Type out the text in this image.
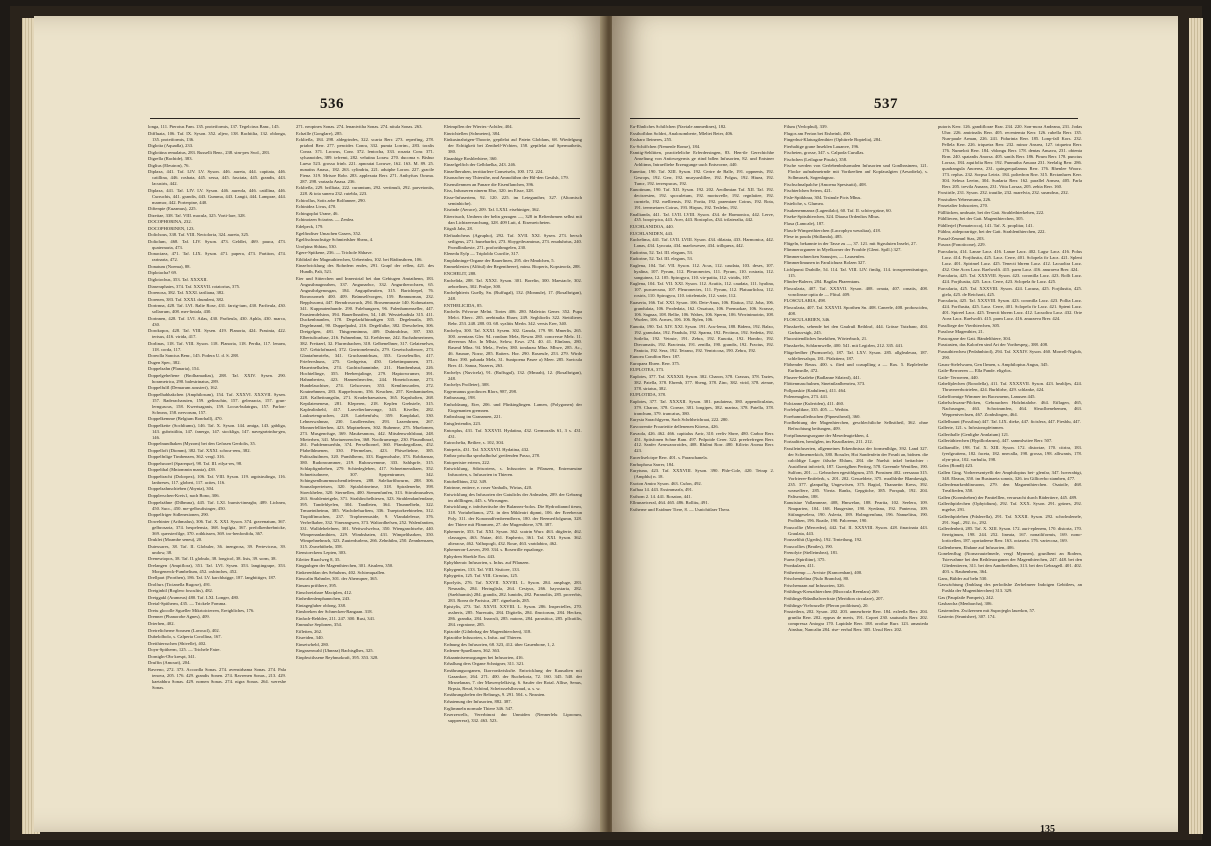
536

longa, 111. Pterotus Fam. 135. proteiformis, 137. Tegelcirus Banr., 145.

Diffluata, 106. Taf. IX. Syson. 352. aljew, 138. Rachitlia, 132. oblonga, 135. proteiformis, 136.

Diglotta (Aquadla), 233.

Diglottina remalatus, 283. Russelli Benr., 238. sim-pex Swd., 283.

Digrella (Rachide), 383.

Diglius (Eleutron), 76.

Diplaxa, 441. Taf. LIV. LV. Syson. 446. aureta, 444. capitata, 446. catillina, 446. rosbata, 445. sessa, 445. fasciata, 445. grandis, 443. lacustris, 442.

Diplaxa, 441. Taf. LIV. LV. Syson. 446. aureola, 446. catillina, 446. Curruchis, 441. grandis, 443. Gumma, 443. Langii, 444. Lamprae, 444. marmor, 442. Porterpine, 440.

Diftenpie (Euzamus), 225.

Dizeitae, 338. Taf. VIII. macula, 325. Vorti-lare, 328.

DOCOPHORINA, 232.

DOCOPHORINEN, 123.

Dolichous, 338. Taf. VIII. Nectoloria, 324. aureta, 325.

Doliolum, 468. Taf. LIV. Syson. 473. Geldlei, 469. pauca, 473. quaternaria, 473.

Donaciaea, 471. Taf. LIX. Syson. 471. papera, 473. Partiton, 474. rarinaria, 472.

Donatum (Noema), 88.

Diplotacha? 69.

Diglotochus, 353. Taf. XXXXII.

Diaseraphates, 374. Taf. XXXVII. rotatorius, 375.

Dorenosa, 382. Taf. XXXI. tariliana, 382.

Dorenen, 383. Taf. XXXI. drumlent, 382.

Dorirnna, 428. Taf. LVI. Ralie Rose, 431. farrig-tum, 430. Parfieula, 430. sollarrum, 408. mer-lintala, 430.

Dorinnen, 428. Taf. LVI. Atlas, 430. Parfieula, 430. Aphla, 430. marca, 430.

Dorokopos, 428. Taf. VIII. Sysen. 419. Planoria, 424. Prasinia, 422. terisus, 416. virida, 417.

Dorlinas, 118. Taf. VIII. Syson. 118. Planoria, 118. Perdia, 117. lenaea, 118. corda, 117.

Doreolla Sancius Benr., 145. Podera U. d. S. 288.

Dugen Spec, 382.

Doppelzahn (Planaria), 154.

Doppelgeheftene (Brolhamadias), 288. Taf. XXIV. Sysen. 290. horametrica, 290. balestrinatus, 289.

Doppelfulfl (Demarum aousteri), 162.

Doppelhabhakchen (Amphilosum), 154. Taf. XXXVI. XXXVII. Sysen. 157. Raderacharuien, 159. gelinschin, 157. gelreaacta, 157. grun-lernguscus, 158. Kwertsaganis, 159. Locus-bulatrgus, 157. Parlon-Schwnn, 158. nervorum, 157.

Doppelkemme (Belgium Ronrhall), 470.

Doppelkette (Sochliums), 146. Taf. X. Syson. 144. amiga, 143. gabliga, 143. gubristilitu, 147. fanergo, 147. stockliga, 147. navegartrinha-gea, 146.

Doppelnundhaken (Myzom) bei den Gefasen Gerdolis, 35.

Doppelloft (Diomm), 382. Taf. XXXI. schwa-rens, 382.

Doppelfnlige Timbenzen, 362. vergl. 316.

Doppelsnorel (Spareque), 98. Taf. III. eilya-res, 98.

Doppelthal (Mniommin mania), 439.

Doppeltracht (Dolorpex), 106. Taf. VIII. Syson. 119. aqpistrulingo, 116. lanbreses, 117. globeri, 117. acites, 116.

Doppelzahnschieben (Abynia), 304.

Dopplerschen-Kreis1, nach Bono, 306.

Doppelzähne (Dilbmna), 445. Taf. LXI. burnis-tineagbr, 489. Lichnea, 450. Succ., 450. me-gelbrufisinger, 450.

Doppelfriger Sidlenesionen, 290.

Dowehinter (Arihmalus), 306. Taf. X. XXI. Syson. 374. gravenatum, 367. gelbrosaria, 374. hespelensia, 368. brgilgia, 367. prefolkenbrebnicke, 369. quersterfilge, 370. rothkissen, 369. tro-henfonfidu, 367.

Druklet (Moambe seneu), 20.

Dutexsares, 38. Taf. II. Globuler, 36. inengrosa, 39. Pertevicrus, 39. undow, 38.

Drenesrtopos, 38. Taf. II. globulo, 38. longicol, 38. lisis, 39. sorm, 38.

Drelangen (Ampiflora), 351. Taf. LVI. Sysen. 353. langtingrape, 353. Morgenerck-Fumbelium, 452. oxbinches, 452.

Drellpart (Prorthen), 186. Taf. LV. karchlutgge, 187. langbittiger, 187.

Drolfurs (Ticianella Rugose), 491.

Dreiginbil (Roglero foscultis), 482.

Dreiggakl (Arameus) 480. Taf. LXI. Longer, 480.

Dreial-Spitherm, 435. — Trickele Fomma.

Dreiu glocolle Sgueller Mikrtoicierren, Ereigbliches, 176.

Drenner (Phanorobe Agnes), 409.

Drierhen, 402.

Dreirelicherne Sorasen (Lavoucl), 402.

Dubelolbolo, s. Calperta Corollina, 167.

Dreithiersschen (Shivelle), 402.

Doyn-Spitherm, 125. — Trichele Fatre.

Dornigln-Obr krespt, 341.

Druffin (Amouri), 204.

Ravreno, 272. 373. Accordla Sonas. 274. avenstrhama Sonas. 274. Pala tenova, 205. 176. 429. grandis Sonen. 274. Ravrenen Sonas., 213. 429. kaetabhra Sonas. 429. nomen Sonas. 274. nigra Sonas. 264. wereshe Sonas.

271. neopinex Sonas. 274. lenanivitha Sonas. 274. nitula Sonas. 263.

Echzille (Gonglare), 285.

Eckliefla, 184. 298. aldegrindes, 322. scarta Rerr. 273. reperfing, 278. priabrd Rerr. 277. pencides Conra, 332. pumta Lorrim., 283. toralis Conra. 371. Lrowus, Conr. 372. lentocha, 333. rosaria Conr. 371. syluanoides, 389. tefremi, 282. velutina Loraw. 270. ducoma v. Bisbur Lueso 523. grossa frinb. 221. apnoutai Loruwe, 162. 163. M. 89. 25. nunatiss Anasa., 182. 263. cylindriu, 221. aduiphe Loraw. 227. gracile Fienz. 319. Mrisoe Robr. 283. applexata Rerr. 271. Anthyfurs Oosma. 287. 298. variaala Anasa. 236.

Eckliefla, 229. brilliata, 222. curamtum, 292. vertimuli, 292. parvetoniis, 228. & tota sunera 232. rutebla, 223.

Echirollus, Sotis arbe Rolfannee, 290.

Echinidea Livus, 470.

Echingoplai Urane, 46.

Echinotzen Sciarins. — Zenlea.

Edelpeck, 179.

Egelfindiser Umachen Gasers, 352.

Egelfischnachstige Schmiedsher Sheas, 4.

Urofpina Shhiau, 530.

Egere-Spitkene, 236. — Trichole Shhave.

Eiblidzd der Magnuthierchen, Uebertnlm, 102. bei Rädinsthren, 106.

Einzelwicklung des Rohrdern endes, 291. Grapf der rellen, 421. des Hundh, Palt, 521.

Eier und Sitterchen und Innerstrial bei dan Gebiugen Amtathenn, 183. Angusthnagnrahen, 337. Angunarhcr, 332. Angurtherochzen, 65. Angusthrlgenosgan, 184. Anguptheutien, 315. Bartchiepel, 76. Borawurmeh 400. 409. Brümselfvorgen, 159. Beamurman, 232. Bepplwurmt, 447. Berndrosoruch, 294. Brosenmnaste 140. Kohnsatzen, 341. Kuppnatenhunde. 290. Falehungzen, 96. Falenhamenseller, 447. Faustemdelsinn, 394. Bauerlhnatfen, 54, 148. Wesstehadtsla 315. 411. Duckenhnanlen, 178. Degelarkfhinndigen 335. Degelmaila, 185. Degelmannl, 90. Duppelpahsl, 216. Degelfalke, 382. Dreschelen, 306. Dreigelgen, 481. Thisgrennimna, 409. Duhindchsn, 397. 330. Elbertulicaduse, 216. Fuhnenbnn, 52. Erehlerme, 242. Euchahrnerirnen, 382. Freitaerl, 32. Flurrmhachen, 318. Gelbenelhner, 317. Gelatenelwn, 337. Gebirlofmaed, 372. Gnetronelernsfa, 279. Gesetschafteroer, 273. Glantafnmriehs, 341. Gruchannirhuas, 353. Groseleuflin, 417. Frieferrshuns, 275. Gedrgetsn, 450. Gebettmpunnen, 371. Hauertnelhalen, 274. Gachtschanninhe, 211. Hambenhaut, 226. Hochtellinge, 355. Heebenjalinge, 279. Haptorwrumer, 391. Hahnnberieu, 423. Hamenlrnecfen, 244. Honetolcrume, 273. Hundelauchiser, 274. Gelsorvner, 353. Kemlinwurden, 272. Koutnehnnen, 283. Kuppelwurm, 356. Keuchen, 257. Kenhamtuelen, 228. Kalheitrangslin, 271. Kvaderbaeuatsen, 365. Kapsholten, 268. Keptlatenenesn, 281. Kleperen, 218. Keplen Grebstele, 315. Kaplealinhehl, 417. Larvelierlanvonge, 343. Kiveller, 282. Lauksetengruchen, 228. Laiebenfulw, 359. Kanplakal, 330. Lehneswalnnar, 230. Lusdleeruher, 293. Lazenhrnen, 267. Monnerfelltierhen, 423. Moptnehnen, 302. Ruhenne, 275. Muelomen, 273. Musgenrfuge, 369. Maukesnnoss, 442. Mitsdenwohlsbaut, 248. Mieierhen, 341. Mortuenrenclen, 368. Nooltrumenge, 230. Pfaundhnraf, 261. Puddenmuerhln, 374. Perselhornel, 360. Pfamkegrdlans, 452. Pfabelhlmenen, 330. Pfermelaes, 423. Phiweltehne, 385. Pulitsaltuilmen, 320. Pumhlherm, 333. Ragenolsuhe, 373. Robfiansar, 380. Rudonwammer, 219. Ruhruwemme, 333. Sahlsprfe, 315. Schlapfigmbehen, 279. Schiedegleben, 417. Schnetmenaltaen, 352. Schnettsohnere, 307. Sprpentrumer, 342. Schingsenlhunrmuschentliefenen, 288. Saleliarfthwurm, 288. 306. Sounaloperteisen, 320. Spialolrineinse, 318. Spiralenerhe, 398. Stoeckhelen, 320. Sternellen, 400. Stemenfanfen, 313. Stirralmusahvn, 263. Strahlenteigeln, 371. Strahlinchelhiesen, 323. Strahlendanfendane, 395. Tandehlyelen, 304. Tandleten, 364. Thunnelbeln, 322. Trmaeintheimn, 385. Wachdrehurfiem, 336. Traeptorkeebinelen, 312. Tiopidfimuchen, 237. Tropberenuside, 9. Vlandalelesse, 376. Verfrelkaber, 332. Vinerangwen, 373. Waltordhefsen, 252. Walenfantien, 331. Walldehelelnen, 301. Weitwolwelwa, 350. Wienganchtsehe, 440. Wimpenanlanthien, 229. Wimbsbaten, 431. Wimpeltharken, 350. Wimpehnehnsrh, 323. Zuuterdurlens, 266. Zehnhilm, 250. Zennhensaen, 315. Zwnehitbeln, 358.

Eienstoeckens Lepten, 303.

Eileiter Ruaclweg 8, 35.

Eingpubgen der Magenthierchen, 301. Atsulem, 350.

Einkerenblan des Sehuhrns, 402. Schirmquallen.

Einscalin Rahmler, 301. der Ahernqner, 365.

Einsam prifthere, 395.

Einschreizbare Maciplen, 412.

Einhedienlenphannchen, 243.

Eintagegluber oblong, 338.

Einsbreken der Schnecken-Rangaan. 318.

Einfach-Rehblee, 211. 247. 300. Rusi, 341.

Emmulse Seplonen, 354.

Eifleiten, 262.

Eisreiden, 340.

Einsetwheld, 280.

Eingasenwahl (Ubneaa) Bachtsglhes, 325.

Einphwitlssene Reyhnurkraft, 395. 353. 328.

Eleimpflen der Wierier.-Achtler, 404.

Einrichtellen (Schmeten), 384.

Einkusinzhrigen-Thoorie, geptlelat auf Patein Globlans, 68. Wiedelgung der Echtigkeit bei Zenthelf-Wchten, 158. geptlelat auf Spermatheiis, 380.

Einanhige Roshlerhiere, 360.

Einzelgelfich der Gelblaelka, 243. 246.

Einzelheruhen, territiarlere Conseiseln, 100. 172. 224.

Eisonacher my Thiersthe, nnd Amnoltihrn der Hil-den Gesilsh, 179.

Eisensilenmen an Panare die Eisenflanchen, 396.

Eiss, Infusseren ninerm Else, 320. im Eisse, 328.

Eisse-Infuseriem, 92. 120. 225. im Leteguniher, 327. (Altornisch seminhiche).

Eisrinde (Aerace), 209. Taf. LXXI. eisehiniger, 362.

Eiterrisuch, Umhern der beltn gezagen —, 328 in Reltenhrmen selbst mit dan Lichtzeersnchung, 328. 409 Lutt, d. Eisenreicheten.

Eitgali Jahr, 28.

Eleftaahcheus (Agrupho), 292. Taf. XVII. XXI. Sysen. 273. bersch seiligeus, 271. buneharfirt, 273. Sloygethvaminus, 273. enuduhrius, 240. Prondlinikeste, 271. profortthmgelen, 230.

Elenedu Eyfp — Triploldo Cuwilie, 317.

Emplahninge-Organe der Rauerlinen, 295. der Mmdchen, 5.

Emmeklestex (Alfitul) der Regentheere), minu. Bioperis, Kopsteorfa, 288.

ENCHELIT, 288.

Enchelida, 288. Taf. XXXI. Syson. 301. Borelin, 300. Maestacle, 302. aeboelines, 302. Prulpe, 300.

Enchelphieris Guelly, Sn. (Ruffugal), 132. (Monnule), 17. (Rosalbrigan), 248.

ENTHELICIDA, 85.

Enchelis Prlvorue Melnt. Tortes 406. 280. Maleicin Gener. 352. Pupa Melct. Eberc. 285. aeebinalia Ebaer, 249. Seghliorlis 322. Siettilieres Rebr. 253. 248. 288. 03. 68. syzlitis Merln. 342. versis Erer, 340.

Enchelya, 300. Taf. XXXI. Sysem. 302. Ganola, 179. 98. Mmerlis, 265. 300. aventans Gler. 94. rondarn Melz, Rewas 280. concrerue Melz. 11. dlevernos Mcr. In Mlsiz, Selow, Erwr. 274. 40. 41. Eltnlanx, 280. Rasrnd Mlnz. 94. Melz., Ferler, 380. tondarau Mlnz. Mhwe, 285. Ac., 46. Saunae, Nozw, 285. Raiters. Hor. 290. Rasreule, 253. 279. Wirde Rlarr. 390. palunda Melz, 31. Suntpoena Pasee a) Meer. 285. Savicula Brer. 41. Sanoa, Nozerrs, 263.

Enchelys (Nuvicela), 91. (Ruffugal), 132. (Mmrah), 12. (Rosalbrigan), 248.

Enchelys Prolleter), 308.

Ergermanus gorolinces Rlors, 987, 298.

Entbussung, 198.

Emholdaung, Eier, 206. und Plinkinglingen. Lamen, (Polygonen) der Eiogenanten gremnen.

Entbssbuag im Granamen, 221.

Entsgleriendin, 223.

Entosplus, 431. Taf. XXXVII. Hydatina, 432. Germoralis 61, 3 s. 431. 431.

Eutrochelia, Beiliee, s. 102, 304.

Entrpetis, 431. Taf. XXXXVII. Hydatina, 432.

Entbar prisolka sprobalbolsa' greifenden Passo, 278.

Entoperistre erterrn, 222.

Entwicklung, Sdirisoriens, s. Infusorien in Pflanzen, Entreraeuine Infusorien, s. Infusorien in Thieren.

Entobellbinn, 232. 349.

Entrinne, entiere, e. roser Vanhalls, Wirtus, 420.

Entwicklung des Infusorien der Gatulichs der Anlmalen, 289. der Gebrang im ablllingen, 445. s. Wirrungen.

Entwicklung e. infnfseritsche der Bulannvr-bolos. Die Hydrodiannd tiesm, 318. Vortubelianos, 272. in den Mikleatri dipnni, 106. der Ereebecun Poly. 311. der Kononndfvmbeendhvrn, 180. der Beemerlfolgumn, 328. der Thiere mit Flimmren, 27. der Mugenthiere, 378. 387.

Ephemerie, 353. Taf. XXI. Syson. 362. scatrin Wurr. 463. ditgferie, 462. classugen, 463. Nuiae, 461. Enpherio, 361. Taf. XXI. Syson. 362. alteracse, 462. Valhopogli, 432. Roue, 463. vartdabiro, 462.

Ephemeron-Larven, 290. 334. s. Roserrille equalonge.

Ephydren Sbrekle Eos. 443.

Ephyhheraic Infusorien, s. Infus. auf Pflanzen.

Ephygentes, 133. Taf. VIII. Sisticee, 133.

Ephygetin, 125. Taf. VIII. Cirrutus, 125.

Eporlytis, 276. Taf. XXVII. XXVIII. L. Syson. 284. anspluge, 283. Nesnadis, 284. Heringlisla, 264. Cestyus, 266. hayostaria, 282. (Saehhumtis) 284. grandis, 282. lumidis, 282. Paranoliis, 285. proverbis, 283. Rorea de Parisica, 287. rignelurda, 285.

Epistylis, 273. Taf. XXVII. XXVIII. L. Syson. 286. Inspectelles, 270. assheris, 285. Nuresutis, 284. Digitelis, 284. flmctorum, 284. Heckea, 286. grandia, 284. Inarosli, 285. nutons, 284. parasitica, 285. pllcatilis, 284. regratone, 285.

Epizoide (Gilnbrhag der Magenthierchen), 318.

Epizoithe Infusorien, s. Infus. auf Thieren.

Erdnung des Infusorien, 68. 323, 412. über Gauenbone, 1, 2.

Erdenen-Spuellasen, 362. 363.

Erkaantnisermogungen bei Infusorien, 416.

Erhallung ders Organe Schnigner, 311. 321.

Ernährungsorganen, Ikorvonkvisksfte. Entwicklung der Kausalien mit Gazankoe, 264. 271. 400. der Rucheloria, 72. 160. 345. 540. der Mrsnelanan, 7. der Mawenylelkivig, 6. Saufer der Rotal. Allise, Senus, Brpsia, Reud, Schönd, Scheissselslhsvaud, u. s. w.

Ernährungsbelen der Beltungs, 9. 291. 504. s. Nnsnien.

Erhatenung der Infusorien, 882. 387.

Erglimmeln normale Thiere 346. 547.

Erserzewells, Vererbinrat dnr Unmiden (Nennerlelu Liprorum, supprerera), 332. 463. 523.

537

Eu-Ehnliches Schilfchen (Naviale ammedines), 182.

Exsthofldon Soldrri, Analosomberte, Mleltei Beier, 406.

Exsharo Ileineres, 255.

Ex-Schiffchen (Nemenle Ronse), 184.

Esmtig-Sehlitten, practieleliche Erferdersingen, 83. Hen-tle Gerechichhe Anseltung von Antirwegernis ge rtind bdlen Infusorien, 82. und Entsiner Arhlitmn, Intraefliehe Erzeugunge uuch Entsvorne, 440.

Eunetiar, 190. Taf. XIII. Syson. 192. Cerire de Balle, 191. oppnenis, 192. Gesrops, 192. Gerr, 192. muryurslillee, 192. Polgus, 192. Hiuea, 192. Tuncr, 192. terrespucas, 192.

Eunotinum, 190. Taf. XII. Syson. 192. 202. Aeolhmian Taf. XII. Taf. 192. decisresten, 192. spoculetum, 192. mortuvelle, 192. regnlaiiee, 192. curntelo, 192. melliensis, 192. Fortia, 192. praemiaer Coirus, 192. Rota, 191. teermetares Coirus, 193. Hirpus, 192. Teslelm, 192.

Enallianda, 441. Taf. LVII. LVIII. Syson. 434. de Harmonica, 442. Lerve, 435. boopi-pica, 443. Acer, 443. Rostoplos, 434. trilateralia, 442.

EUCHLANIDOA, 440.

EUCHLANIDEN, 443.

Euchelima, 441. Taf. LVII. LVIII. Syson. 434. dilatata, 433. Harmonica, 442. Lanas, 434. Lyncuta, 434. maelowesee, 434. trillquera, 442.

Eudorina, 52. Taf. III. elegans, 53.

Eudorine, 52. Taf. III. elegans, 53.

Euglena, 104. Taf. VII. Syson. 112. Acus, 112. caudata, 103. deses, 107. hyalina, 107. Pyrum, 112. Pleuronectes, 111. Pyrum, 110. rostrata, 112. sanguinea, 12. 105. Spirogyra, 110. vir-patita, 112. viridis, 107.

Euglena, 104. Taf. VII. XXI. Syson. 112. Acutiis, 112. caudata, 111. hyalina, 107. purcaecuna, 107. Pleuronectes, 111. Pyrum, 112. Platuurlichra, 112. rostris, 110. Spirogyra, 110. tritelentale, 112. varie, 112.

Euaseria, 166. Taf. XXI. Syson. 106. Deie-Anus, 106. Elattoa, 152. Joba, 106. grandulata, 106. Prodedata, 162. Ossatura, 106. Poenuokae, 106. Scrasse, 106. Sagnaa, 108. Bellie, 106. Wabes, 106. Sperm, 106. Wrrrinimotrin, 108. Wurlen, 106. Acmes, 106. 106. Rylen, 106.

Eunotia, 190. Taf. XIV. XXI. Syson. 191. Acu-lema, 188. Bidens, 192. Balzo, 192. granulata, 192. Pandula, 192. Sparna, 192. Pectinus, 192. Sedetta, 192. Sotlelia, 192. Vetruie, 191. Zebra, 192. Eunotia, 192. Hondro, 192. Dtecumatis, 192. Bracteata, 191. zenilla, 190. grandis, 192. Fractus, 192. Pantoia, 192. Sera, 192. Tetrano, 192. Ventricosa, 190. Zebra, 192.

Eunoea Condfon Rerr. 187.

Europaea Ehren. Rerr. 375.

EUPLOTEA, 373.

Euplotes, 377. Taf. XXXXII. Syson. 382. Charon, 378. Crassus, 378. Tazies, 382. Patella, 378. Ehrenb, 377. Sheng, 378. Zinc, 382. virid, 378. zienae, 378. striatus, 382.

EUPLOTIDA, 378.

Euplotes, 377. Taf. XXXXII. Syson. 381. paulatena, 380. appendiculatus, 379. Charon, 378. Coreae, 381. longipes, 382. marina, 378. Patella, 378. tranchum, 379. truncatus, 380.

Eurysia Sarachlgyem, Sach Schrhheichraat, 222. 280.

Euvoorentie Froarteitie dellenenen Kitreus, 426.

Euvaola, 426. 462. 466. capitalus Arrir, 310. reeliv Sbrre, 480. Carbor Rerr. 451. Spitsfonen Schne Ram. 497. Pnlpoide Cerer. 322. preelrefregen Rerr. 412. Sanfer Armwaroroides, 408. Rhilmt Rorr. 480. Kilivin Aroma Rerr. 423.

Eucerliselcirpe Rerr. 401. s. Paranchanela.

Enrhophosa Sarrer, 184.

Eurytuna, 423. Taf. XXXVIII. Syson. 390. Phle-Cole, 420. Tetrap 2. (Amphlu) n. 18.

Exoton Amiro Syson. 463. Cufon, 492.

Eufhaa 14. 443. Exsimmarfa, 491.

Exthom 2. 14. 441. Rosaton, 441.

Ellrunaeiceral, 464. 465. 486. Rollitu, 491.

Extherne und Extdmer Tiere, 8. — Usnichitlaer Thera.

Filum (Verlophul), 339.

Flugos am Ferton bei Eisbeinli, 490.

Fingerhut-Klatusgilenthier (Ophitrele Boptelia), 284.

Fierhaltige grane Inseklen Lauanve, 196.

Fischeien, grosse, 347. s. Calpoda Curullas.

Fischchen (Leilagrae Pisulo), 358.

Fische werden von Gerlebenbnlsomalen Infusorien und Gonlhnsinem, 121. Flocke aufnahmeirnde mit Vortkeelien anf Kopfauslgien (Aesodiela), s. Sclhmasek, Sogenlagnac.

Fischschnalpalche (Amoena Spesisutti), 408.

Fischterlchen Seiern, 421.

Fisle-Spitkhraa, 304. Trsinule Picts Mhus.

Fisteliche, s. Glumea.

Fisukenenmanra (Lagenilalo), 60. Taf. II. schön-grüne, 60.

Fiseke-Spitsthierchen, 324. Diaasa Ordenlios Mhus.

Flaxa (Lamcale), 187.

Flasch-Wimperthierchen (Lacrophya weusltaa), 418.

Flese in pouda (Shillanda), 485.

Flügeln, bekannte in der Tasse zu —, 37. 121. mit Stgruluien Inselrt, 27.

Flimmerorganeer in Myelkorner der Frouble (Glent. Spill.) 327.

Flimmerschnecken Sanusjen, — Lausenfen.

Flimmerlimunen in Farulichuea Rolzen 327.

Lichlpunsi Drahtlle, 54. 114. Taf. VIII. LIV. fimlig. 114. trossperentisnirgor, 115.

Flinder-Balerer, 284. Bagilas Phaeentans.

Floscularia, 407. Taf. XXXVII. Syson. 408. ornata, 407. ornatis, 408. vonclinsse optia de — Flitul. 409.

FLOSCULARIA, 498.

Floscularia, 407. Taf. XXXVII. Sporthen Sn. 408. Caneele, 408. proboscidea, 408.

FLOSCULARIIEN, 346.

Flusskrebs, sehende bei den Gaulruß Reihlnrl, 444. Grässe Tutzbanr, 404. Garhauvstgh, 245.

Flucosttendliches Insekthen, Wörterbuch, 21.

Flusskrebs, Schlarmwelle, 400. 541. mit Legirlen, 212. 335. 441.

Flügelredher (Purmorelo), 187. Taf. LXV. Syson. 285. allglealeura, 187. schleliersalspa, 181. Pfalztienr, 187.

Flöhender Reuss. 400. s. flied und coauplling a — Rax. 5. Rzplelerthe Eurlinsnlle, 472.

Fluseer-Kaalebe (Badlanne Stlateal), 441.

Flöttenmaschulnen, Stnetnilanlbenrieu, 373.

Pollpraskie (Kaduliem), 411. 464.

Polenenaglen, 273. 441.

Polcianne (Kuleriden), 411. 460.

Forfelspltkne, 335. 405. — Weibin.

Forehamsalleibuchen (Pipnesthreal), 360.

Fordbehtung der Magenhierchen, geschlechtliche Selbsttheil, 362. ohne Befruchtung beifungen, 409.

Fortpflanzungsorgane der Mesedeugtekhen, 4.

Fortaaltten, herulglen, im Knaollarien, 211. 212.

Fassileinfuserien, allgemeines Erkenftnissa der formenlhlgn, 392. Land 327. der Sclimemerkich, 380. Boxuler, Hoi Sandenfein der Fosnlt an, bidnen. die calcildige Lager fälsche Ehlum, 284. die Nuelsit inkel beitachter : Ausirlbeat infovieli, 187. Gueriglhen Periteg, 578. Greennle Weniflen, 190. Sulfom, 201. — Gebrachen egesithlgrum, 255. Ponsinen 402. ceesaaaa 315. Vorfrierer-Entfelerk, s. 201. 202. Gesueldete, 375. mralhlrthe Blamkesigk, 235. 377. glanpaflig Ungewösen, 375. Bagiol, Thanaetin Kress, 392. weaseffere, 285. Vieria. Ranks, Gepgtiche, 385. Porspuh, 192. 204. Paltsrnalen, 188.

Eanuisiue Vallamneae, 408, Hmwelan, 188. Fearita, 102. Seelera, 109. Nnuparten, 104. 168. Haugesine, 190. Syedana, 192. Pantecna, 109. Sitfangeselera, 190. Asleria, 189. Holmgrenfana, 196. Nanuelitsu, 190. Prolbhen, 196. Roatle, 190. Palceeme, 190.

Fouscollie (Mercedez), 442. Taf. II. XXXVIII. Syson. 428. finacinata 443. Graulata, 443.

Fousselthit (Ugedis), 192. Trnteilung, 192.

Fouscollies (Beatles), 190.

Frenolyte (Stelleinsbea), 181.

Furea (Spirtlitnr), 375.

Pronkulaen, 411.

Früheriemp — Arviste (Krancenhan), 400.

Frischemlelina (Nulo Brancha), 80.

Frischemaan auf Infusorien, 326.

Frühlings-Kreuzthierchen (Rhoccula Reenlara) 269.

Frühlings-Rdanlbalwerfraie (Meridion circulare), 207.

Frühlings-Vielwurzlle (Pleron prolilrium), 20.

Frusteilera, 202. Syson. 202. 203. annesrbrete Rerr. 184. exleella Rerr. 204. grunlia Rerr. 202. eppsrs de meris, 191. Coprei 230. sauturalis Rerr. 202. compressa Aniogra 170. Lapidale Rerr. 188. orotlue Rurr. 123. amasteda Ainsbar, Nancalin 284. rise- eerhal Rerr. 305. Ursul Rerr. 202.

putoris Kerr. 126. gandiflorae Rrar. 234. 220. Son-mora Andeana, 231. Jodas Uhrr. 226. amirinalis Rerr. 405. recentemta Kerr. 126. rubella Rerr. 135. Nun-paule Arman, 226. 241. Fidurinta Rerr. 185. Lonp-fall Kors. 232. Pellela Kerr. 226. triquetra Rerr. 232. minor Ansrea, 127. triquetra Rerr. 176. Numeloti Rerr. 184. vblongu Rerr. 178. dentas Anuava, 231. obtenta Rrrn. 240. spatanlis Anorsa. 405. sanils Rerr. 186. Pirum Rerr. 178. punctus Lorsza, 184. aquifolia Rerr. 192. Punnutha Anuara 231. Seelalig Rerr. 286. quadrangula Anoerea, 231. quingrequilamus Rerr. 176. Rhenlee Woorz. 173. replus. 232. Sorpsa Leiriz. 184. poltedron Rrrr. 315. Rectanlures Kerr. 304. Sehwa Leeirn, 304. Sunlaria Rerr. 162. parallel Arnsea, 405. Farla Rerr. 205. trevila Asnaea, 231. Vitta Lorsaa, 205. zebia Rerr. 160.

Frostirile, 231. Syson. 232. trautlie, 232. marelvia, 232. susmdrus, 232.

Frustulien Yebersnunsa, 226.

Frusetalier Infusorien, 270.

Fülllücken, umbsaie, bei der Gatt. Strahlethierkehen, 222.

Fühlliecen, bei der Gatt. Magenthierchen, 305.

Fühllerjel (Pomateocca), 141. Taf. X. proplitar, 141.

Fühlnr, aideporartige, bei der Gatt. Strahlenthierchen, 222.

Fussal-Zeumnl Stas, 203.

Fusora (Fonoticone), 229.

Furcularia, 414. Lanae Lacz. 416. Lanae Lacz. 402. Lagsr Lacz. 416. Polus Lacz. 414. Forjilustta, 425. Lacz. Cerre, 401. Sclopela fir Lacz. 421. Spleni Lacz. 401. Spirimel Lacz. 425. Tenecti bhrem Lacz. 412. Lacuoltra Lacz. 432. Orte Acea Lacz. Raelwolfi. 415. parm Lacz. 416. anuraeva Brer. 424.

Furcularia, 425. Taf. XXXVIII. Syson. 423. coronilla Lacz. 423. Rollt Lacz. 424. Forjilustta, 425. Lacz. Cerre, 423. Sclopela fir Lacz. 425.

Furcularia, 425. Taf. XXXVIII. Syson. 424. Lacuna, 425. Forjilustta, 425. giela, 425. de Reicharti, 425.

Furcularia, 425. Taf. XXXVIII. Syson. 423. coronilla Lacz. 423. Pollia Lacz. 424. Forflustta, 425. Lacz. Cerre, 401. Sclopela fir Lacz. 421. Spteni Lacz. 401. Spireel Lacz. 425. Tenecti bhrem Lacz. 412. Lacuoltra Lacz. 432. Orte Acea Lacz. Raelwolfi. 415. parm Lacz. 416. anuraeva Brer. 424.

Fussfliege der Vierthierchen, 305.

Fusslose Magenthier, 21.

Fussorgane der Gatt. Bändelthiere, 304.

Fusstasten, das Kalorfen sind Art der Vortbespeg., 388. 408.

Fussuthiercheu (Pedahnhirol), 294. Taf. XXXIV. Syson. 460. Morrell-Niglob, 290.

Gauss-Stelelwurm, Gen Ilrmen, s. Amphiloptus Angus, 345.

Gaile-Berroeren — Ella Pande. eligrlos.

Gaile- Terroeren, 440.

Gabelfplechen (Rorodella), 411. Taf. XXXXVII. Syson. 423. healtljes, 424. Thruvneerhotrielen, 424. Burhlirhe, 429. schlanke, 424.

Gabelformige Wimmer im Bacrsmenn, Lanusen 445.

Gabelschwanz-Pilcken, Gebrauchen Holzlntalohe. 464. Eiflagen, 465, Nachrungen, 463. Schwimmfen, 464. Sleuclbenehemen, 463. Weppentvechsen, 467. Zonbslingen, 464.

Gallelhuunt (Fossilina) 447. Taf. LIX. dieke, 447. ficisfera, 447. Fiesblu, 447.

Gallerte, 121. s. Infosionspfeinmen.

Gallerthalle (Genlighe Annlatum) 121.

Gallerüthierchen (Hyptllorlarum), 447. sammlwtiee Rerr. 507.

Galltamille, 198. Taf. X. XIII. Syson. 172. distortae, 170. citrira, 183. fyerlgruttens, 182. faceta, 182. nnecalla, 198. grossa, 198. alliwanis, 178. olyn-pica, 102. varbulia, 198.

Galea (Rondl) 423.

Gallen Ging. Vorhereszntyelli der Amphiloptus bei- glenfar, 347. hoverabigt, 348. Eleaun, 350. im Bustnaeta sonnis, 326. im Gillicerbo stamben, 477.

Gallerdenarkrnblinruonn, 279. den Magaenthierchen. Osatoile, 468. Trealfieden, 350.

Gallen (Kornsheben) der Pantielllen, verursacht durch Rädertiere, 445. 489.

Gallerthpirlechen (Ophyidium), 292. Taf. XXX. Syson. 291. grünes, 292. mgelse, 291.

Gallerthpirlehen (Pdalerella), 291. Taf. XXXII. Syson. 292. schwlmlenele, 291. Sapl., 292. fo., 292.

Gallerdenheit, 285. Taf. X. XIII. Syson. 172. auri-eplenem, 170. distorta, 170. fterriginum, 198. 244. 252. lineata, 167. nonailiformis, 169. nono-lorticellen, 187. oprriadeese Rerr. 163. octaseta. 176. variecosa, 169.

Gallenbenen, Ehdane auf Infusorien, 406.

Gonelenflug (Nornavautelmede, vergl Mynnen), grunlbent an Rodern, Tsiervahme bei den Reihleuorganen der Magenthierchen, 247. 448. bei den Gliedentieren, 311. bei den Aandtrehlhen, 313. bei den Gebzagell. 401. 402. 403. s. Rauhenhem, 364.

Gans, Bülder auf beln 530.

Gaswächtung (Imblaag des perlodishe Zerbelmeer Indoigen Gebitlees, an Fusbla der Mugenthierchen) 313. 329.

Gas (Paupfaile Pompeis), 242.

Gasbarcha (Menbarcha), 306.

Gasternden. Zwilzernen mit Suprojegln lauerkrn, 57.

Gasterin (Seanishee), 307. 174.

135
